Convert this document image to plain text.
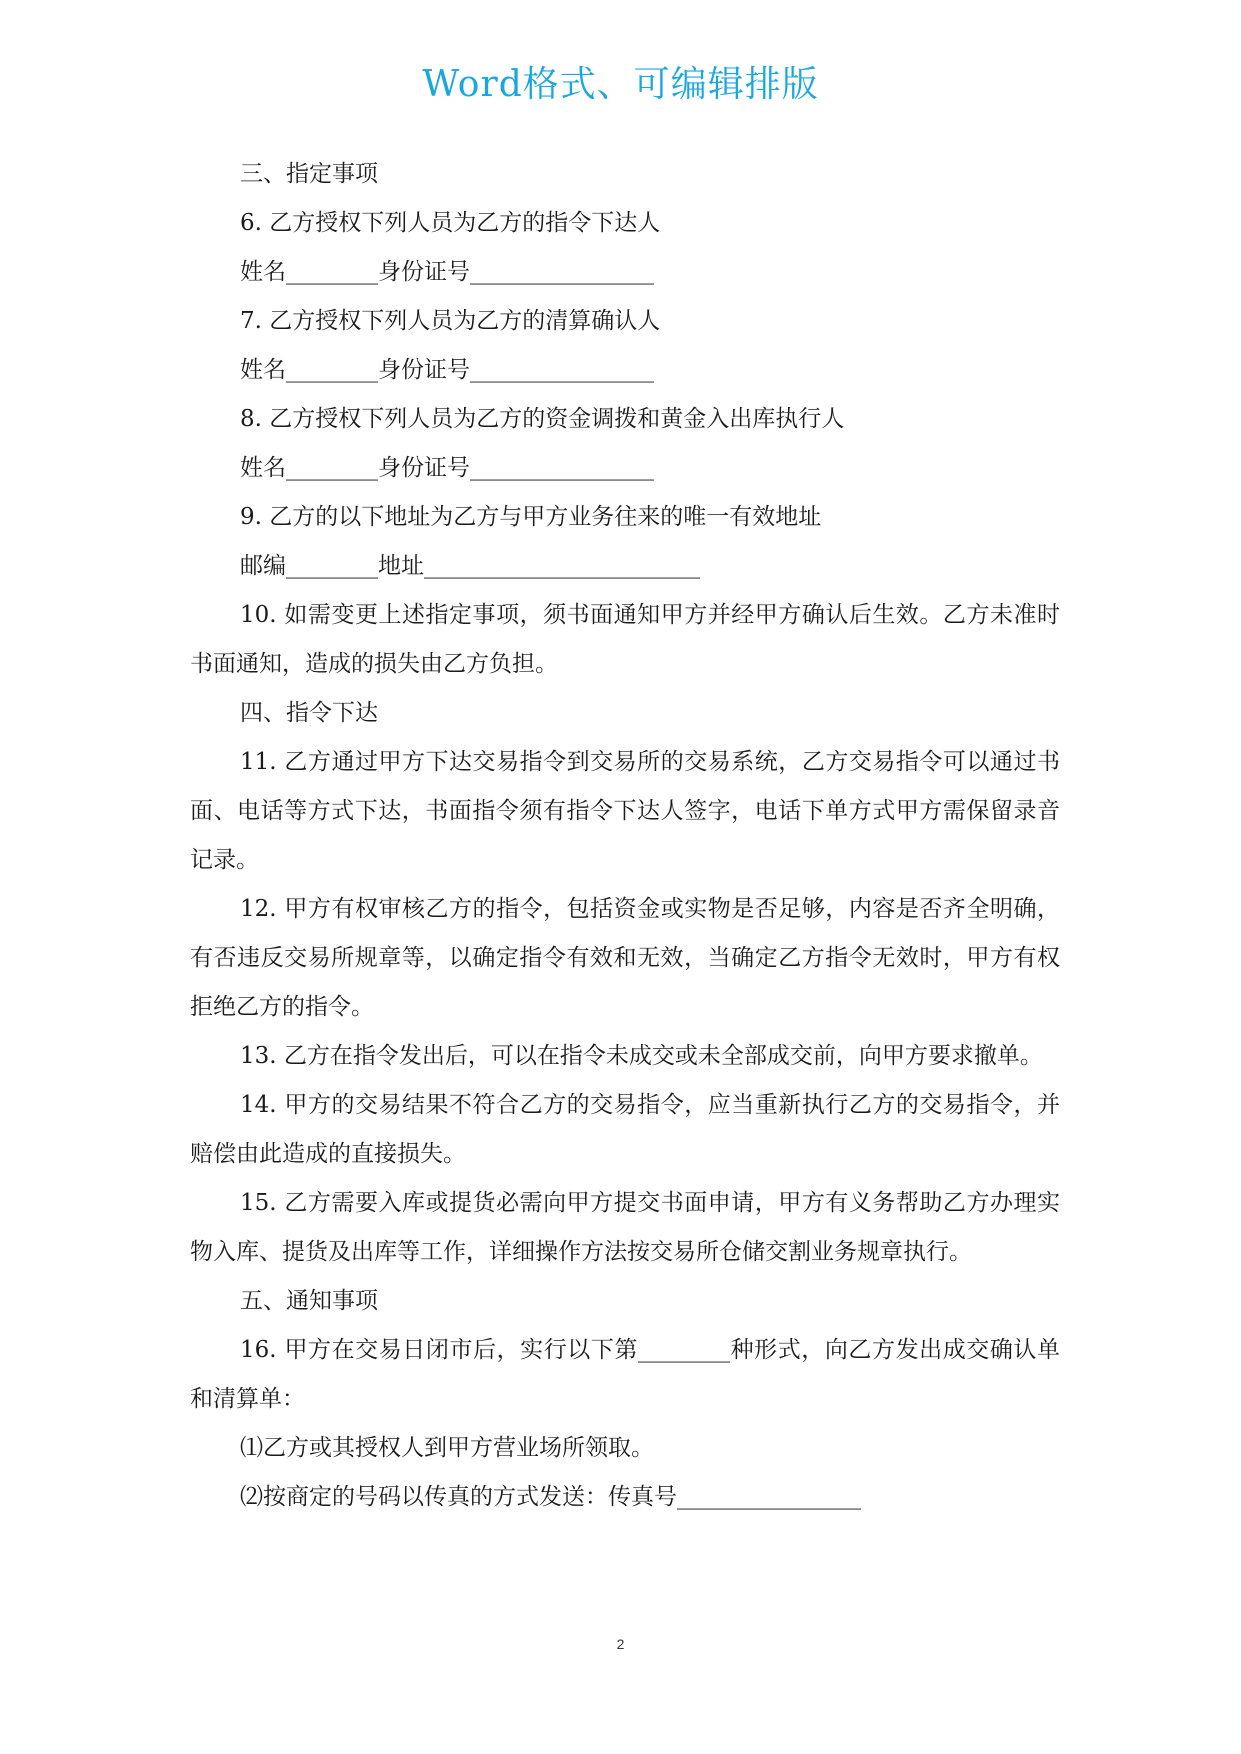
Word格式、可编辑排版

三、指定事项

6. 乙方授权下列人员为乙方的指令下达人

姓名________身份证号________________

7. 乙方授权下列人员为乙方的清算确认人

姓名________身份证号________________

8. 乙方授权下列人员为乙方的资金调拨和黄金入出库执行人

姓名________身份证号________________

9. 乙方的以下地址为乙方与甲方业务往来的唯一有效地址

邮编________地址________________________

10. 如需变更上述指定事项，须书面通知甲方并经甲方确认后生效。乙方未准时书面通知，造成的损失由乙方负担。

四、指令下达

11. 乙方通过甲方下达交易指令到交易所的交易系统，乙方交易指令可以通过书面、电话等方式下达，书面指令须有指令下达人签字，电话下单方式甲方需保留录音记录。

12. 甲方有权审核乙方的指令，包括资金或实物是否足够，内容是否齐全明确，有否违反交易所规章等，以确定指令有效和无效，当确定乙方指令无效时，甲方有权拒绝乙方的指令。

13. 乙方在指令发出后，可以在指令未成交或未全部成交前，向甲方要求撤单。

14. 甲方的交易结果不符合乙方的交易指令，应当重新执行乙方的交易指令，并赔偿由此造成的直接损失。

15. 乙方需要入库或提货必需向甲方提交书面申请，甲方有义务帮助乙方办理实物入库、提货及出库等工作，详细操作方法按交易所仓储交割业务规章执行。

五、通知事项

16. 甲方在交易日闭市后，实行以下第________种形式，向乙方发出成交确认单和清算单：

⑴乙方或其授权人到甲方营业场所领取。

⑵按商定的号码以传真的方式发送：传真号________________

2
